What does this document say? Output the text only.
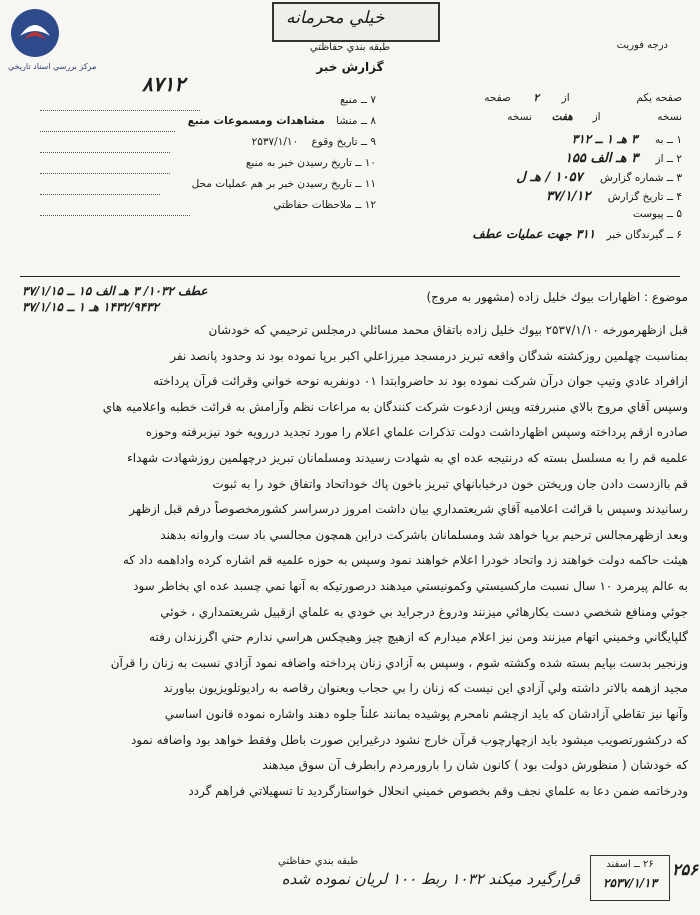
مركز بررسي اسناد تاريخي
خيلي محرمانه
طبقه بندي حفاظتي
گزارش خبر
درجه فوريت
۸۷۱۲
۷ ــ منبع
۸ ــ منشا مشاهدات ومسموعات منبع
۹ ــ تاريخ وقوع ۲۵۳۷/۱/۱۰
۱۰ ــ تاريخ رسيدن خبر به منبع
۱۱ ــ تاريخ رسيدن خبر بر هم عمليات محل
۱۲ ــ ملاحظات حفاظتي
صفحه يكم  از ۲ صفحه
نسخه  از هفت نسخه
۱ ــ به ۳ هـ ۱ ــ ۳۱۲
۲ ــ از ۳ هـ الف ۱۵۵
۳ ــ شماره گزارش ۱۰۵۷ / هـ ل
۴ ــ تاريخ گزارش ۳۷/۱/۱۲
۵ ــ پيوست
۶ ــ گيرندگان خبر ۳۱۱ جهت عمليات عطف
عطف ۱۰۳۲/ ۳ هـ الف ۱۵ ــ ۳۷/۱/۱۵
۱۴۳۲/۹۴۳۲ هـ ۱ ــ ۳۷/۱/۱۵
موضوع : اظهارات بيوك خليل زاده (مشهور به مروج)
قبل ازظهرمورخه ۲۵۳۷/۱/۱۰ بيوك خليل زاده باتفاق محمد مسائلي درمجلس ترحيمي كه خودشان
بمناسبت چهلمين روزكشته شدگان واقعه تبريز درمسجد ميرزاعلي اكبر برپا نموده بود ند وحدود پانصد نفر
ازافراد عادي وتيپ جوان درآن شركت نموده بود ند حاضروابتدا ۰۱ دونفربه نوحه خواني وقرائت قرآن پرداخته
وسپس آقاي مروج بالاي منبررفته وپس ازدعوت شركت كنندگان به مراعات نظم وآرامش به قرائت خطبه واعلاميه هاي
صادره ازقم پرداخته وسپس اظهارداشت دولت تذكرات علماي اعلام را مورد تجديد دررويه خود نيزبرفته وحوزه
علميه قم را به مسلسل بسته كه درنتيجه عده اي به شهادت رسيدند ومسلمانان تبريز درچهلمين روزشهادت شهداء
قم باازدست دادن جان وريختن خون درخيابانهاي تبريز باخون پاك خوداتحاد واتفاق خود را به ثبوت
رسانيدند وسپس با قرائت اعلاميه آقاي شريعتمداري بيان داشت امروز درسراسر كشورمخصوصاً درقم قبل ازظهر
وبعد ازظهرمجالس ترحيم برپا خواهد شد ومسلمانان باشركت دراين همچون مجالسي باد ست واروانه بدهند
هيئت حاكمه دولت خواهند زد واتحاد خودرا اعلام خواهند نمود وسپس به حوزه علميه قم اشاره كرده واداهمه داد كه
به عالم پيرمرد ۱۰ سال نسبت ماركسيستي وكمونيستي ميدهند درصورتيكه به آنها نمي چسبد عده اي بخاطر سود
جوئي ومنافع شخصي دست بكارهائي ميزنند ودروغ درجرايد بي خودي به علماي ازقبيل شريعتمداري ، خوئي
گلپايگاني وخميني اتهام ميزنند ومن نيز اعلام ميدارم كه ازهيچ چيز وهيچكس هراسي ندارم حتي اگرزندان رفته
وزنجير بدست بپايم بسته شده وكشته شوم ، وسپس به آزادي زنان پرداخته واضافه نمود آزادي نسبت به زنان را قرآن
مجيد ازهمه بالاتر داشته ولي آزادي اين نيست كه زنان را بي حجاب وبعنوان رقاصه به راديوتلويزيون بياورند
وآنها نيز تقاطي آزادشان كه بايد ازچشم نامحرم پوشيده بمانند علناً جلوه دهند واشاره نموده قانون اساسي
كه دركشورتصويب ميشود بايد ازچهارچوب قرآن خارج نشود درغيراين صورت باطل وفقط خواهد بود واضافه نمود
كه خودشان ( منظورش دولت بود ) كانون شان را بارورمردم رابطرف آن سوق ميدهند
ودرخاتمه ضمن دعا به علماي نجف وقم بخصوص خميني انحلال خواستارگرديد تا تسهيلاتي فراهم گردد
طبقه بندي حفاظتي	۲۶ ــ اسفند
۲۵۳۷/۱/۱۳
۲۵۶
قرارگیرد ميكند ۱۰۳۲ ربط ۱۰۰ لريان نموده شده
